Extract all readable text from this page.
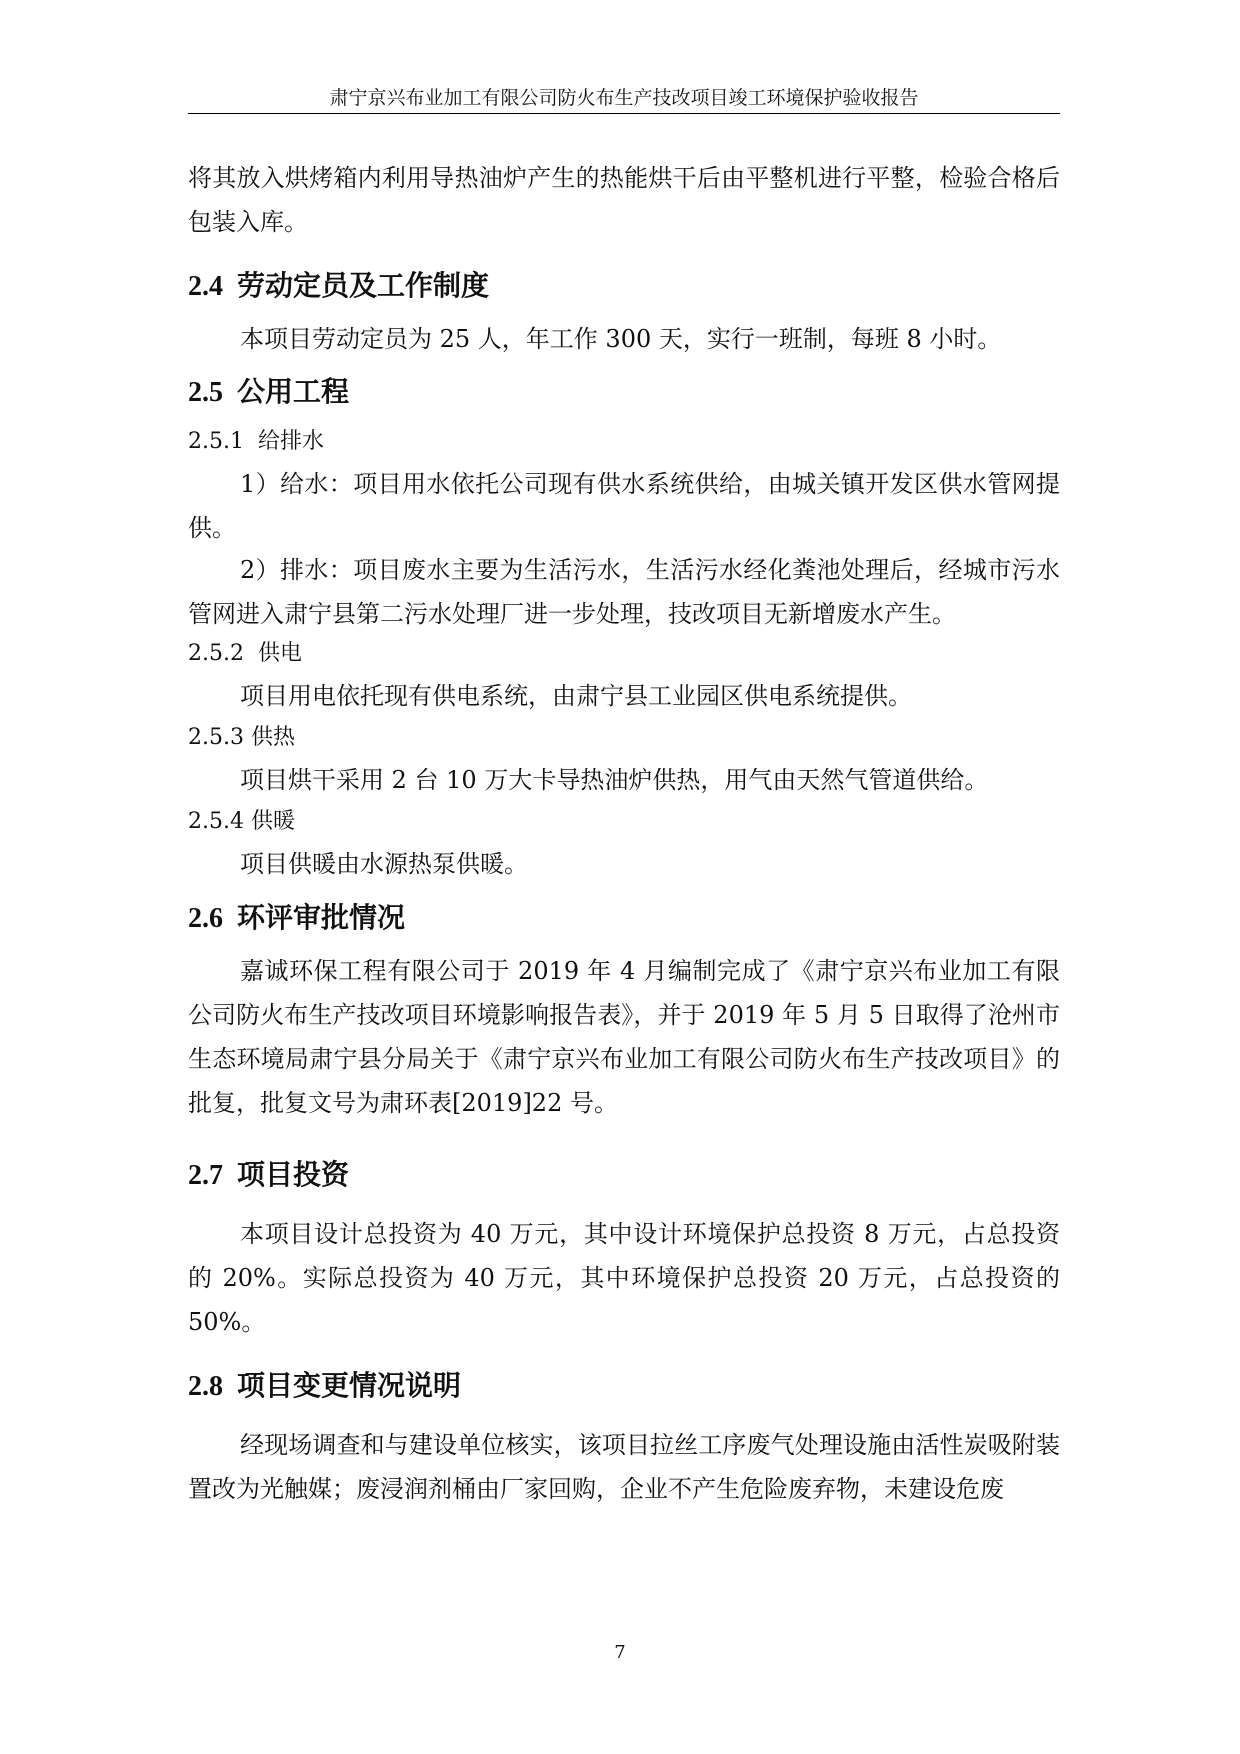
肃宁京兴布业加工有限公司防火布生产技改项目竣工环境保护验收报告

将其放入烘烤箱内利用导热油炉产生的热能烘干后由平整机进行平整，检验合格后包装入库。

2.4 劳动定员及工作制度

本项目劳动定员为 25 人，年工作 300 天，实行一班制，每班 8 小时。

2.5 公用工程
2.5.1 给排水

1）给水：项目用水依托公司现有供水系统供给，由城关镇开发区供水管网提供。

2）排水：项目废水主要为生活污水，生活污水经化粪池处理后，经城市污水管网进入肃宁县第二污水处理厂进一步处理，技改项目无新增废水产生。

2.5.2 供电

项目用电依托现有供电系统，由肃宁县工业园区供电系统提供。

2.5.3 供热

项目烘干采用 2 台 10 万大卡导热油炉供热，用气由天然气管道供给。

2.5.4 供暖

项目供暖由水源热泵供暖。

2.6 环评审批情况

嘉诚环保工程有限公司于 2019 年 4 月编制完成了《肃宁京兴布业加工有限公司防火布生产技改项目环境影响报告表》，并于 2019 年 5 月 5 日取得了沧州市生态环境局肃宁县分局关于《肃宁京兴布业加工有限公司防火布生产技改项目》的批复，批复文号为肃环表[2019]22 号。

2.7 项目投资

本项目设计总投资为 40 万元，其中设计环境保护总投资 8 万元，占总投资的 20%。实际总投资为 40 万元，其中环境保护总投资 20 万元，占总投资的 50%。

2.8 项目变更情况说明

经现场调查和与建设单位核实，该项目拉丝工序废气处理设施由活性炭吸附装置改为光触媒；废浸润剂桶由厂家回购，企业不产生危险废弃物，未建设危废

7
